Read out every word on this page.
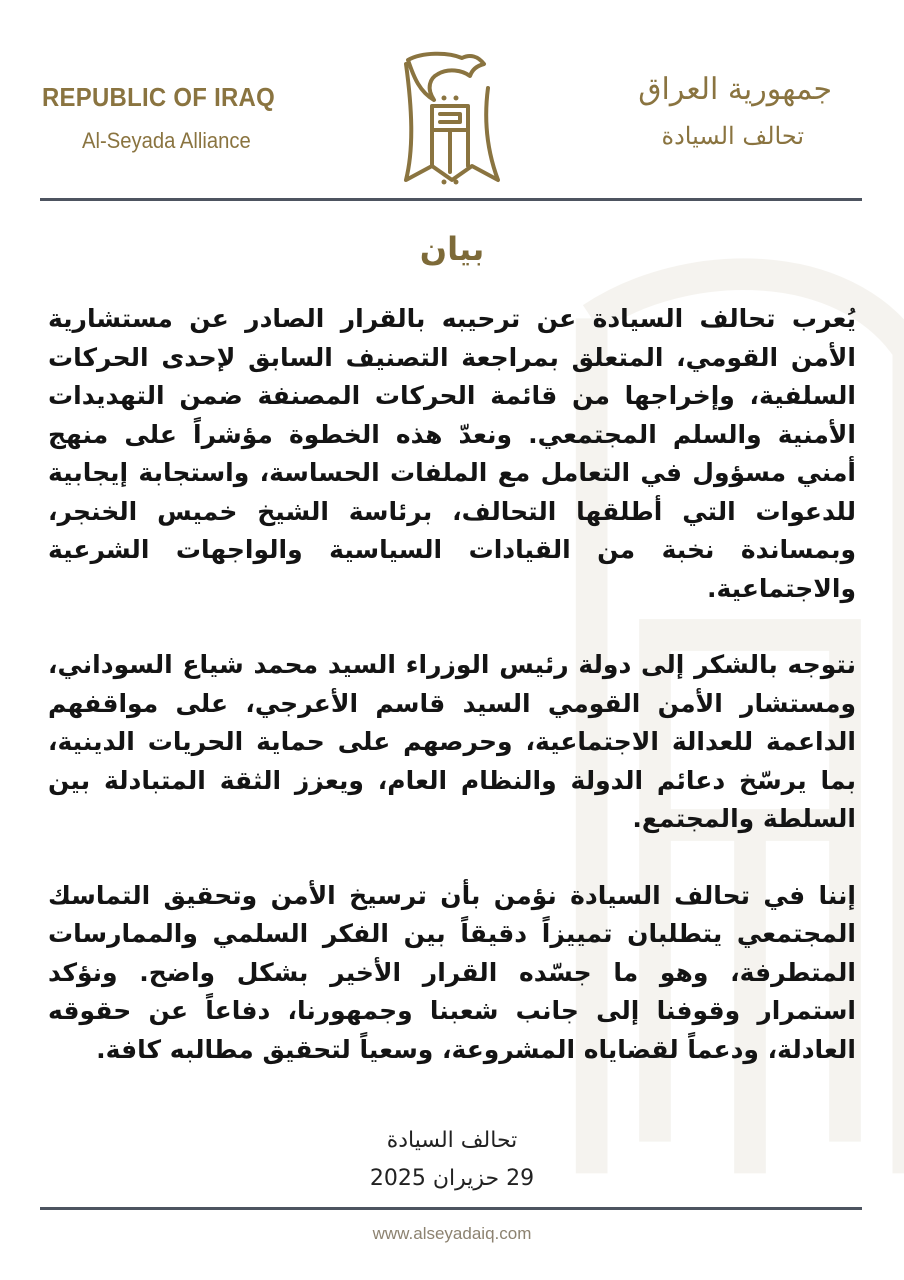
REPUBLIC OF IRAQ
Al-Seyada Alliance
جمهورية العراق
تحالف السيادة
بيان

يُعرب تحالف السيادة عن ترحيبه بالقرار الصادر عن مستشارية الأمن القومي، المتعلق بمراجعة التصنيف السابق لإحدى الحركات السلفية، وإخراجها من قائمة الحركات المصنفة ضمن التهديدات الأمنية والسلم المجتمعي. ونعدّ هذه الخطوة مؤشراً على منهج أمني مسؤول في التعامل مع الملفات الحساسة، واستجابة إيجابية للدعوات التي أطلقها التحالف، برئاسة الشيخ خميس الخنجر، وبمساندة نخبة من القيادات السياسية والواجهات الشرعية والاجتماعية.

نتوجه بالشكر إلى دولة رئيس الوزراء السيد محمد شياع السوداني، ومستشار الأمن القومي السيد قاسم الأعرجي، على مواقفهم الداعمة للعدالة الاجتماعية، وحرصهم على حماية الحريات الدينية، بما يرسّخ دعائم الدولة والنظام العام، ويعزز الثقة المتبادلة بين السلطة والمجتمع.

إننا في تحالف السيادة نؤمن بأن ترسيخ الأمن وتحقيق التماسك المجتمعي يتطلبان تمييزاً دقيقاً بين الفكر السلمي والممارسات المتطرفة، وهو ما جسّده القرار الأخير بشكل واضح. ونؤكد استمرار وقوفنا إلى جانب شعبنا وجمهورنا، دفاعاً عن حقوقه العادلة، ودعماً لقضاياه المشروعة، وسعياً لتحقيق مطالبه كافة.

تحالف السيادة
29 حزيران 2025
www.alseyadaiq.com
